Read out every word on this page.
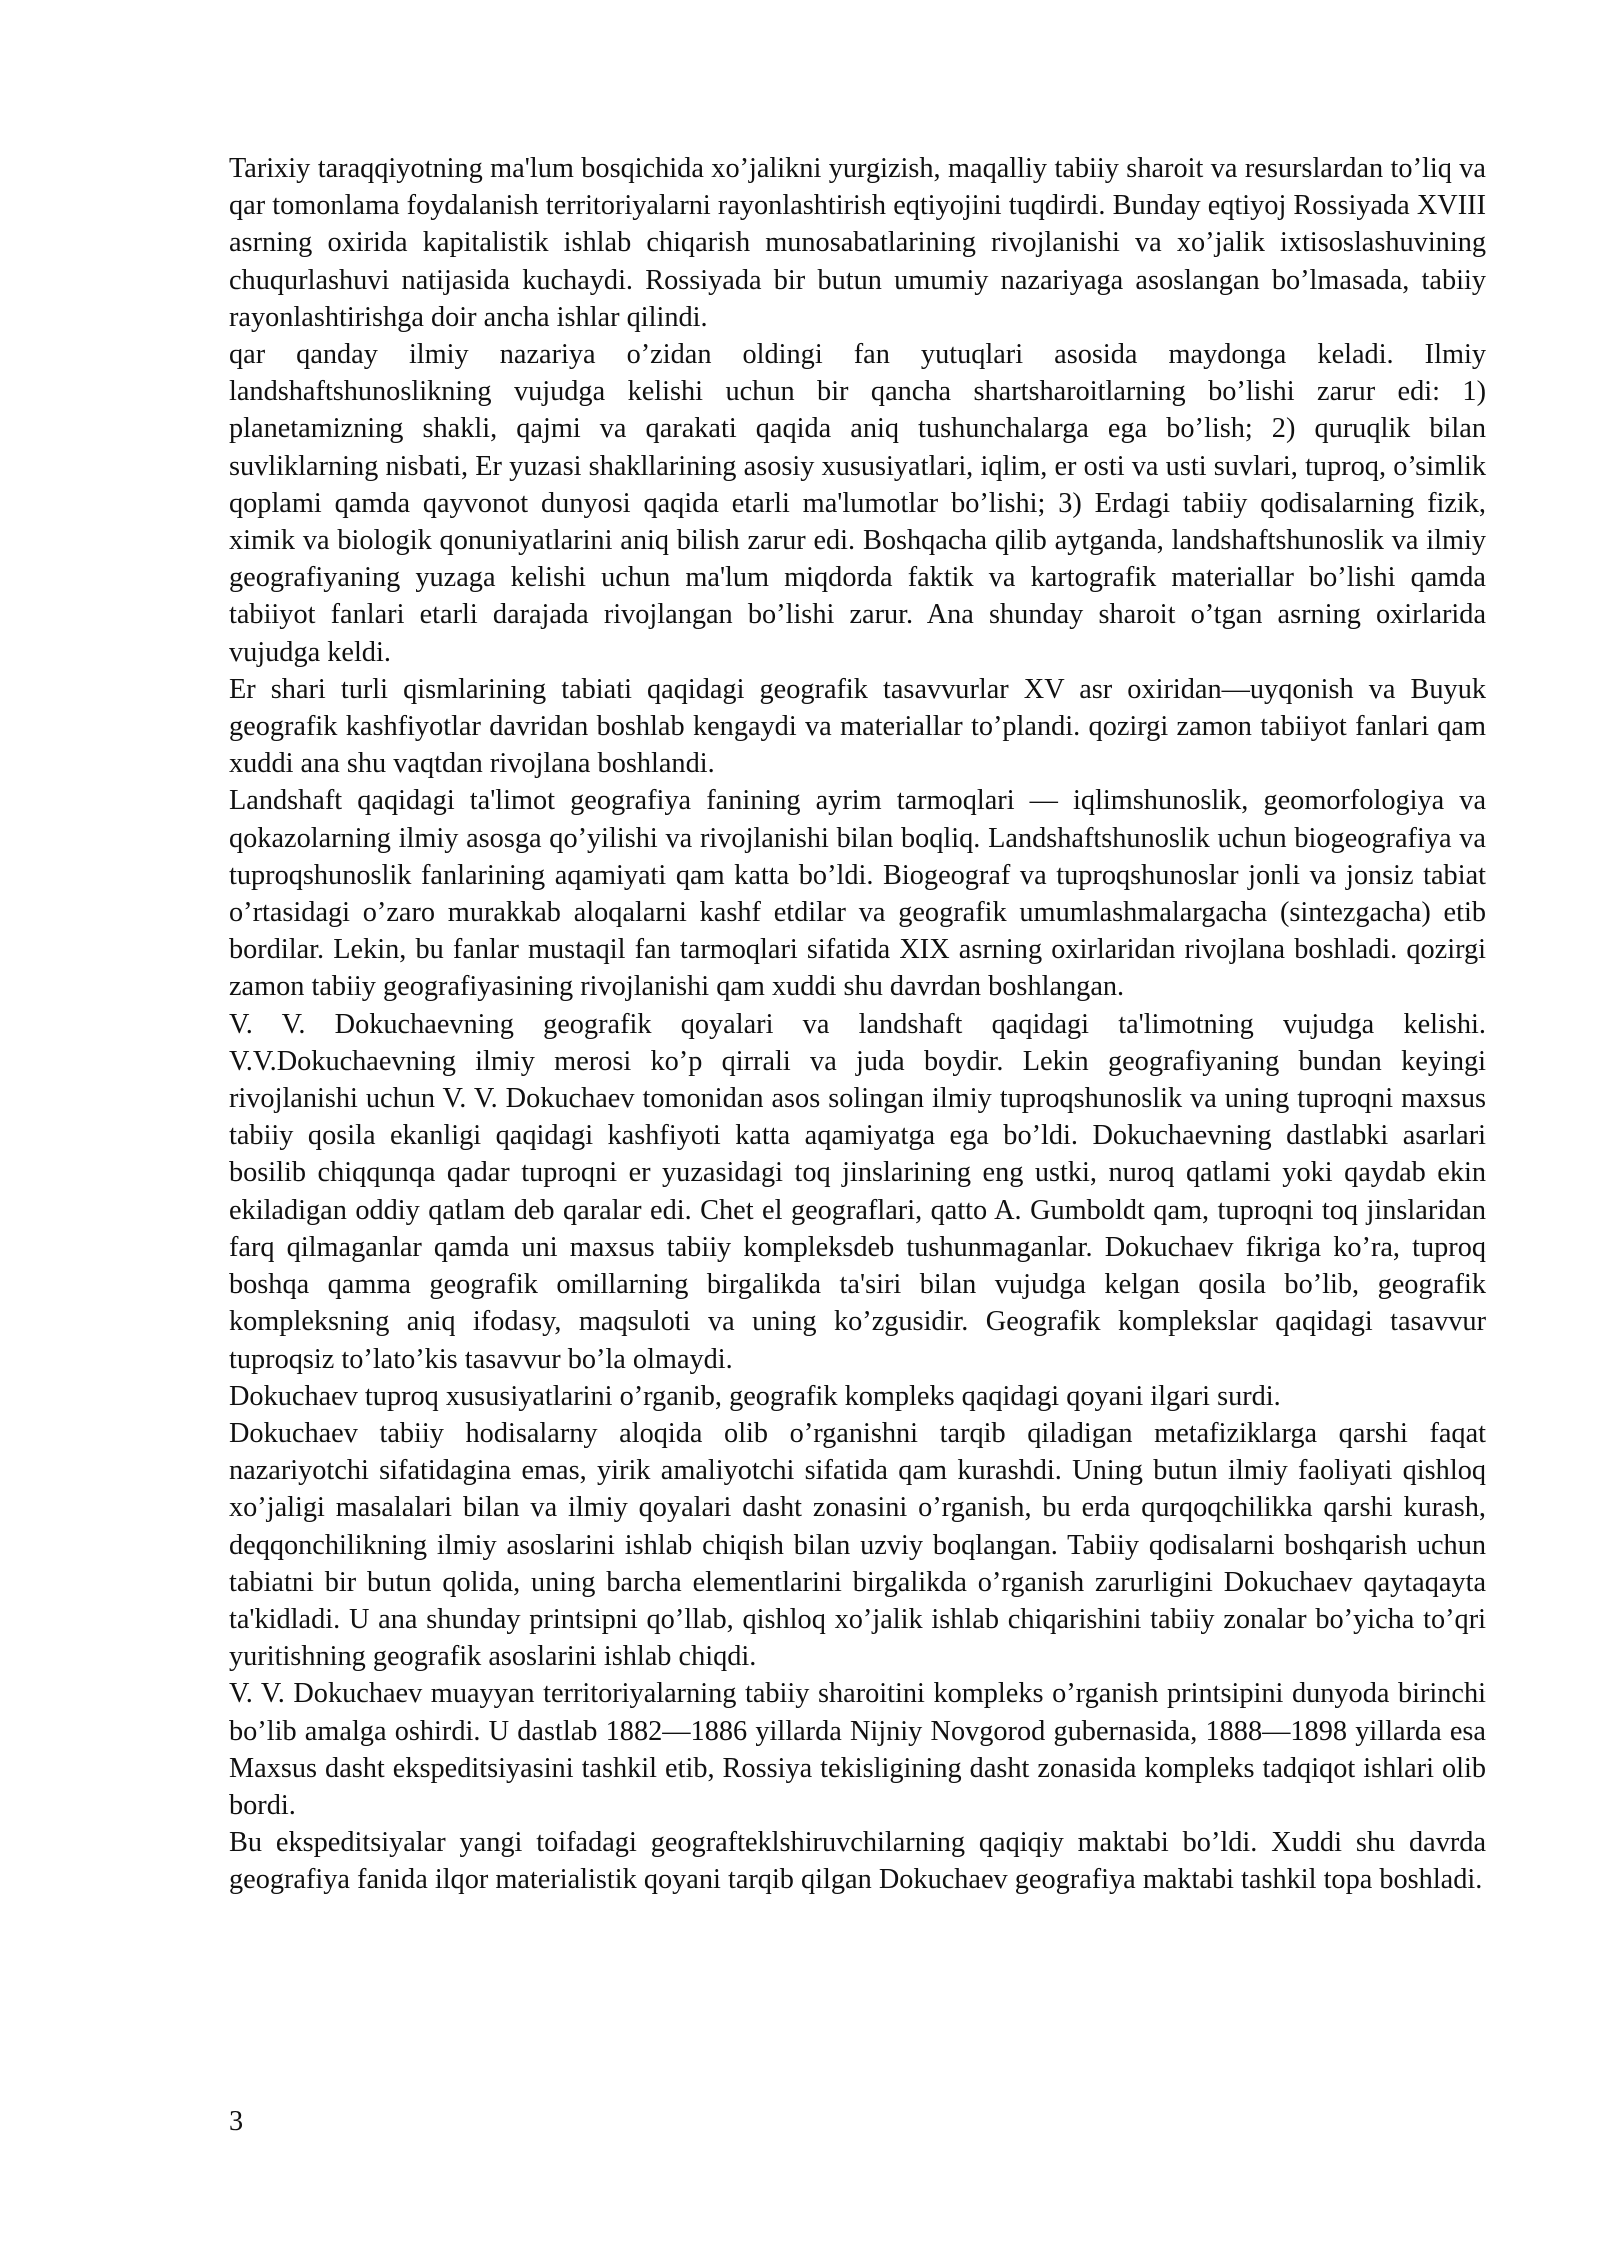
Tarixiy taraqqiyotning ma'lum bosqichida xo’jalikni yurgizish, maqalliy tabiiy sharoit va resurslardan to’liq va qar tomonlama foydalanish territoriyalarni rayonlashtirish eqtiyojini tuqdirdi. Bunday eqtiyoj Rossiyada XVIII asrning oxirida kapitalistik ishlab chiqarish munosabatlarining rivojlanishi va xo’jalik ixtisoslashuvining chuqurlashuvi natijasida kuchaydi. Rossiyada bir butun umumiy nazariyaga asoslangan bo’lmasada, tabiiy rayonlashtirishga doir ancha ishlar qilindi.

qar qanday ilmiy nazariya o’zidan oldingi fan yutuqlari asosida maydonga keladi. Ilmiy landshaftshunoslikning vujudga kelishi uchun bir qancha shartsharoitlarning bo’lishi zarur edi: 1) planetamizning shakli, qajmi va qarakati qaqida aniq tushunchalarga ega bo’lish; 2) quruqlik bilan suvliklarning nisbati, Er yuzasi shakllarining asosiy xususiyatlari, iqlim, er osti va usti suvlari, tuproq, o’simlik qoplami qamda qayvonot dunyosi qaqida etarli ma'lumotlar bo’lishi; 3) Erdagi tabiiy qodisalarning fizik, ximik va biologik qonuniyatlarini aniq bilish zarur edi. Boshqacha qilib aytganda, landshaftshunoslik va ilmiy geografiyaning yuzaga kelishi uchun ma'lum miqdorda faktik va kartografik materiallar bo’lishi qamda tabiiyot fanlari etarli darajada rivojlangan bo’lishi zarur. Ana shunday sharoit o’tgan asrning oxirlarida vujudga keldi.

Er shari turli qismlarining tabiati qaqidagi geografik tasavvurlar XV asr oxiridan—uyqonish va Buyuk geografik kashfiyotlar davridan boshlab kengaydi va materiallar to’plandi. qozirgi zamon tabiiyot fanlari qam xuddi ana shu vaqtdan rivojlana boshlandi.

Landshaft qaqidagi ta'limot geografiya fanining ayrim tarmoqlari — iqlimshunoslik, geomorfologiya va qokazolarning ilmiy asosga qo’yilishi va rivojlanishi bilan boqliq. Landshaftshunoslik uchun biogeografiya va tuproqshunoslik fanlarining aqamiyati qam katta bo’ldi. Biogeograf va tuproqshunoslar jonli va jonsiz tabiat o’rtasidagi o’zaro murakkab aloqalarni kashf etdilar va geografik umumlashmalargacha (sintezgacha) etib bordilar. Lekin, bu fanlar mustaqil fan tarmoqlari sifatida XIX asrning oxirlaridan rivojlana boshladi. qozirgi zamon tabiiy geografiyasining rivojlanishi qam xuddi shu davrdan boshlangan.

V. V. Dokuchaevning geografik qoyalari va landshaft qaqidagi ta'limotning vujudga kelishi. V.V.Dokuchaevning ilmiy merosi ko’p qirrali va juda boydir. Lekin geografiyaning bundan keyingi rivojlanishi uchun V. V. Dokuchaev tomonidan asos solingan ilmiy tuproqshunoslik va uning tuproqni maxsus tabiiy qosila ekanligi qaqidagi kashfiyoti katta aqamiyatga ega bo’ldi. Dokuchaevning dastlabki asarlari bosilib chiqqunqa qadar tuproqni er yuzasidagi toq jinslarining eng ustki, nuroq qatlami yoki qaydab ekin ekiladigan oddiy qatlam deb qaralar edi. Chet el geograflari, qatto A. Gumboldt qam, tuproqni toq jinslaridan farq qilmaganlar qamda uni maxsus tabiiy kompleksdeb tushunmaganlar. Dokuchaev fikriga ko’ra, tuproq boshqa qamma geografik omillarning birgalikda ta'siri bilan vujudga kelgan qosila bo’lib, geografik kompleksning aniq ifodasy, maqsuloti va uning ko’zgusidir. Geografik komplekslar qaqidagi tasavvur tuproqsiz to’lato’kis tasavvur bo’la olmaydi.

Dokuchaev tuproq xususiyatlarini o’rganib, geografik kompleks qaqidagi qoyani ilgari surdi.

Dokuchaev tabiiy hodisalarny aloqida olib o’rganishni tarqib qiladigan metafiziklarga qarshi faqat nazariyotchi sifatidagina emas, yirik amaliyotchi sifatida qam kurashdi. Uning butun ilmiy faoliyati qishloq xo’jaligi masalalari bilan va ilmiy qoyalari dasht zonasini o’rganish, bu erda qurqoqchilikka qarshi kurash, deqqonchilikning ilmiy asoslarini ishlab chiqish bilan uzviy boqlangan. Tabiiy qodisalarni boshqarish uchun tabiatni bir butun qolida, uning barcha elementlarini birgalikda o’rganish zarurligini Dokuchaev qaytaqayta ta'kidladi. U ana shunday printsipni qo’llab, qishloq xo’jalik ishlab chiqarishini tabiiy zonalar bo’yicha to’qri yuritishning geografik asoslarini ishlab chiqdi.

V. V. Dokuchaev muayyan territoriyalarning tabiiy sharoitini kompleks o’rganish printsipini dunyoda birinchi bo’lib amalga oshirdi. U dastlab 1882—1886 yillarda Nijniy Novgorod gubernasida, 1888—1898 yillarda esa Maxsus dasht ekspeditsiyasini tashkil etib, Rossiya tekisligining dasht zonasida kompleks tadqiqot ishlari olib bordi.

Bu ekspeditsiyalar yangi toifadagi geografteklshiruvchilarning qaqiqiy maktabi bo’ldi. Xuddi shu davrda geografiya fanida ilqor materialistik qoyani tarqib qilgan Dokuchaev geografiya maktabi tashkil topa boshladi.

3
